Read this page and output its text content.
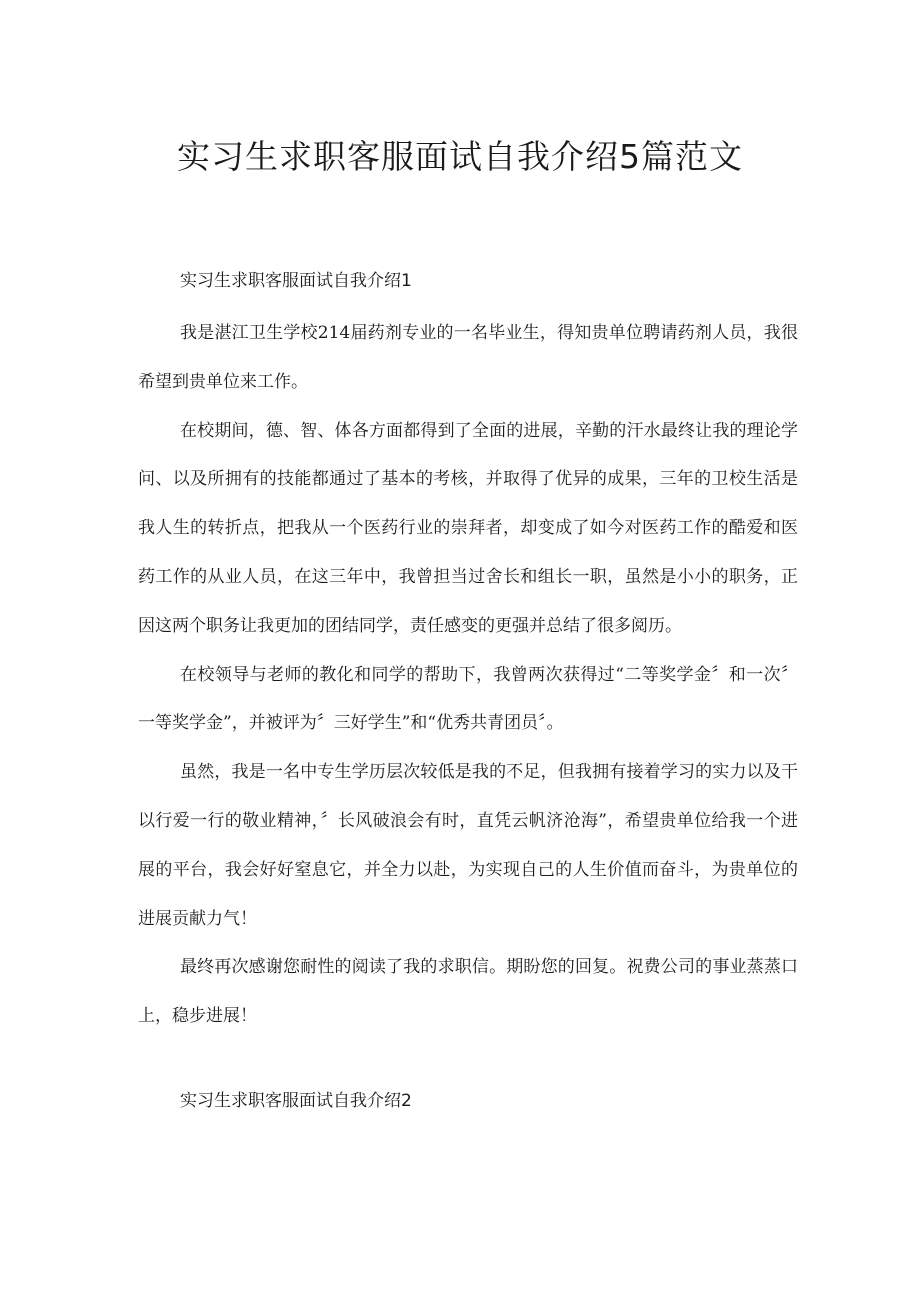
实习生求职客服面试自我介绍5篇范文
实习生求职客服面试自我介绍1

我是湛江卫生学校214届药剂专业的一名毕业生，得知贵单位聘请药剂人员，我很希望到贵单位来工作。

在校期间，德、智、体各方面都得到了全面的进展，辛勤的汗水最终让我的理论学问、以及所拥有的技能都通过了基本的考核，并取得了优异的成果，三年的卫校生活是我人生的转折点，把我从一个医药行业的崇拜者，却变成了如今对医药工作的酷爱和医药工作的从业人员，在这三年中，我曾担当过舍长和组长一职，虽然是小小的职务，正因这两个职务让我更加的团结同学，责任感变的更强并总结了很多阅历。

在校领导与老师的教化和同学的帮助下，我曾两次获得过“二等奖学金〞和一次〞一等奖学金”，并被评为〞三好学生”和“优秀共青团员〞。

虽然，我是一名中专生学历层次较低是我的不足，但我拥有接着学习的实力以及干以行爱一行的敬业精神，〞长风破浪会有时，直凭云帆济沧海”，希望贵单位给我一个进展的平台，我会好好窒息它，并全力以赴，为实现自己的人生价值而奋斗，为贵单位的进展贡献力气！

最终再次感谢您耐性的阅读了我的求职信。期盼您的回复。祝费公司的事业蒸蒸口上，稳步进展！

实习生求职客服面试自我介绍2
